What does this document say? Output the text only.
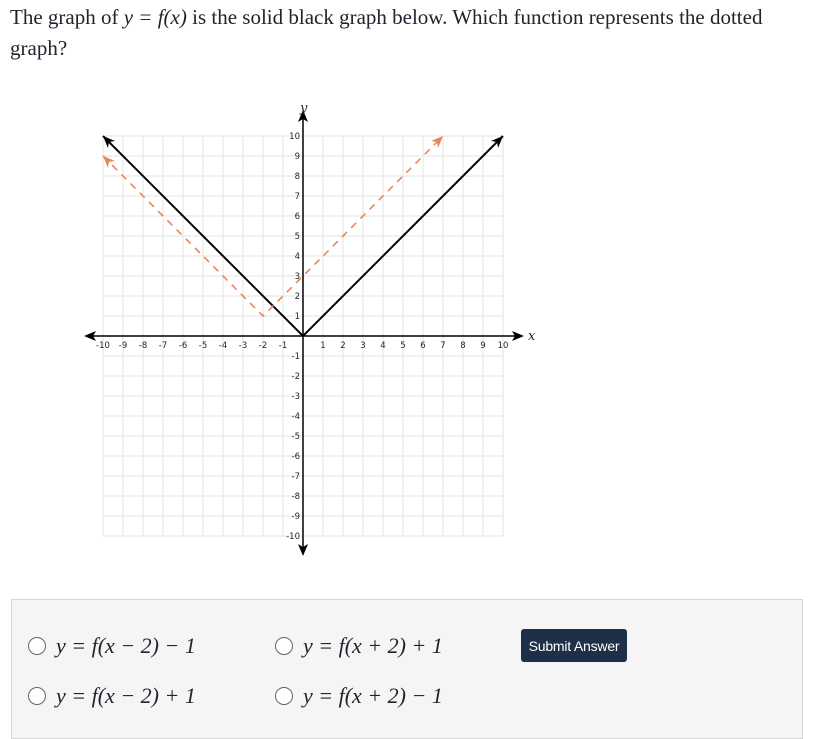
The graph of y = f(x) is the solid black graph below. Which function represents the dotted graph?

-10 -9 -8 -7 -6 -5 -4 -3 -2 -1	1 2 3 4 5 6 7 8 9 10
10
9
8
7
6
5
4
3
2
1
-1
-2
-3
-4
-5
-6
-7
-8
-9
-10
x
y
y = f(x − 2) − 1	y = f(x + 2) + 1
y = f(x − 2) + 1	y = f(x + 2) − 1
Submit Answer
